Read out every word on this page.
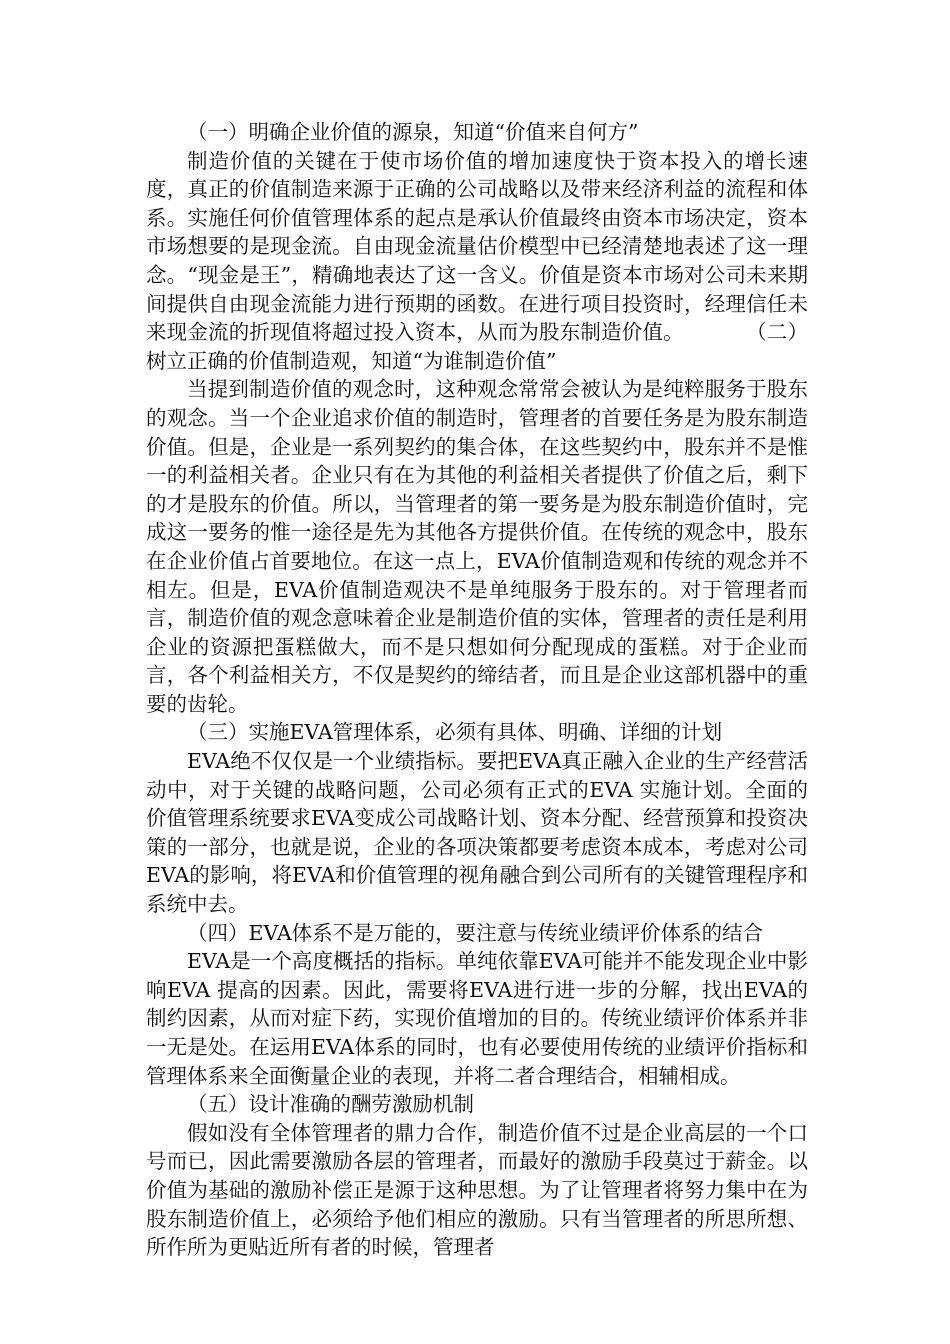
（一）明确企业价值的源泉，知道“价值来自何方”

制造价值的关键在于使市场价值的增加速度快于资本投入的增长速度，真正的价值制造来源于正确的公司战略以及带来经济利益的流程和体系。实施任何价值管理体系的起点是承认价值最终由资本市场决定，资本市场想要的是现金流。自由现金流量估价模型中已经清楚地表述了这一理念。“现金是王”，精确地表达了这一含义。价值是资本市场对公司未来期间提供自由现金流能力进行预期的函数。在进行项目投资时，经理信任未来现金流的折现值将超过投入资本，从而为股东制造价值。　　　　（二）树立正确的价值制造观，知道“为谁制造价值”

当提到制造价值的观念时，这种观念常常会被认为是纯粹服务于股东的观念。当一个企业追求价值的制造时，管理者的首要任务是为股东制造价值。但是，企业是一系列契约的集合体，在这些契约中，股东并不是惟一的利益相关者。企业只有在为其他的利益相关者提供了价值之后，剩下的才是股东的价值。所以，当管理者的第一要务是为股东制造价值时，完成这一要务的惟一途径是先为其他各方提供价值。在传统的观念中，股东在企业价值占首要地位。在这一点上，EVA价值制造观和传统的观念并不相左。但是，EVA价值制造观决不是单纯服务于股东的。对于管理者而言，制造价值的观念意味着企业是制造价值的实体，管理者的责任是利用企业的资源把蛋糕做大，而不是只想如何分配现成的蛋糕。对于企业而言，各个利益相关方，不仅是契约的缔结者，而且是企业这部机器中的重要的齿轮。

（三）实施EVA管理体系，必须有具体、明确、详细的计划

EVA绝不仅仅是一个业绩指标。要把EVA真正融入企业的生产经营活动中，对于关键的战略问题，公司必须有正式的EVA 实施计划。全面的价值管理系统要求EVA变成公司战略计划、资本分配、经营预算和投资决策的一部分，也就是说，企业的各项决策都要考虑资本成本，考虑对公司EVA的影响，将EVA和价值管理的视角融合到公司所有的关键管理程序和系统中去。

（四）EVA体系不是万能的，要注意与传统业绩评价体系的结合

EVA是一个高度概括的指标。单纯依靠EVA可能并不能发现企业中影响EVA 提高的因素。因此，需要将EVA进行进一步的分解，找出EVA的制约因素，从而对症下药，实现价值增加的目的。传统业绩评价体系并非一无是处。在运用EVA体系的同时，也有必要使用传统的业绩评价指标和管理体系来全面衡量企业的表现，并将二者合理结合，相辅相成。

（五）设计准确的酬劳激励机制

假如没有全体管理者的鼎力合作，制造价值不过是企业高层的一个口号而已，因此需要激励各层的管理者，而最好的激励手段莫过于薪金。以价值为基础的激励补偿正是源于这种思想。为了让管理者将努力集中在为股东制造价值上，必须给予他们相应的激励。只有当管理者的所思所想、所作所为更贴近所有者的时候，管理者
